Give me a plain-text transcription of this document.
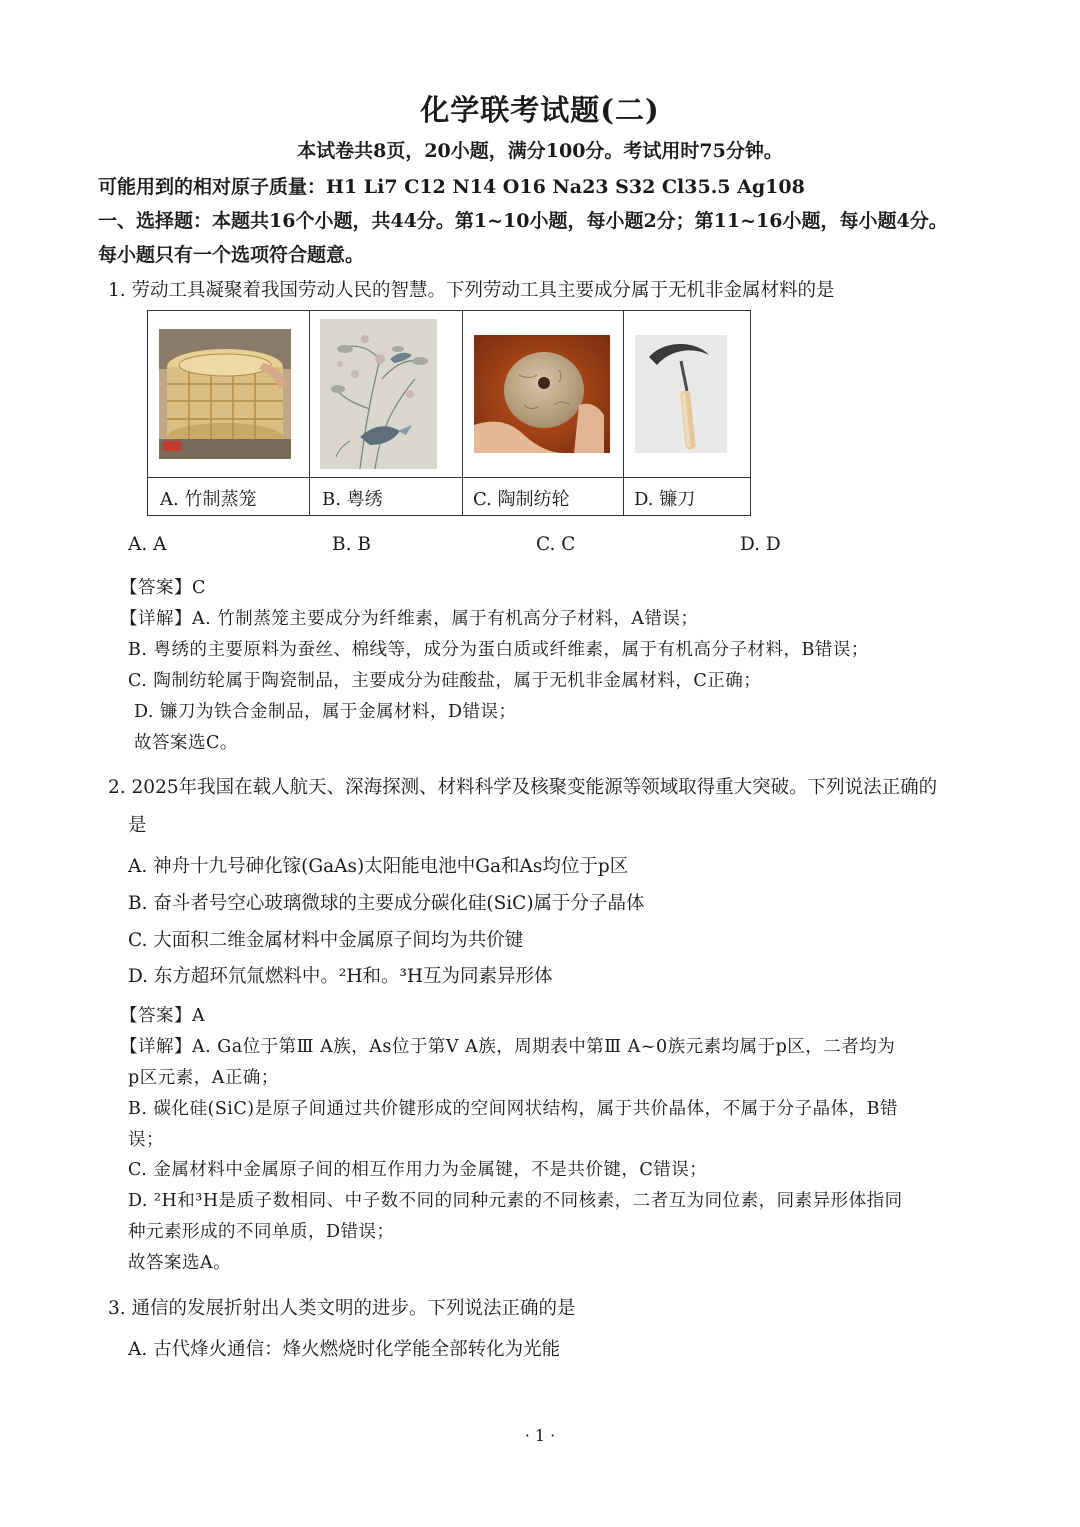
化学联考试题(二)
本试卷共8页，20小题，满分100分。考试用时75分钟。
可能用到的相对原子质量：H1 Li7 C12 N14 O16 Na23 S32 Cl35.5 Ag108
一、选择题：本题共16个小题，共44分。第1~10小题，每小题2分；第11~16小题，每小题4分。
每小题只有一个选项符合题意。
1. 劳动工具凝聚着我国劳动人民的智慧。下列劳动工具主要成分属于无机非金属材料的是
A. 竹制蒸笼	B. 粤绣	C. 陶制纺轮	D. 镰刀
A. A	B. B	C. C	D. D
【答案】C
【详解】A. 竹制蒸笼主要成分为纤维素，属于有机高分子材料，A错误；
B. 粤绣的主要原料为蚕丝、棉线等，成分为蛋白质或纤维素，属于有机高分子材料，B错误；
C. 陶制纺轮属于陶瓷制品，主要成分为硅酸盐，属于无机非金属材料，C正确；
D. 镰刀为铁合金制品，属于金属材料，D错误；
故答案选C。
2. 2025年我国在载人航天、深海探测、材料科学及核聚变能源等领域取得重大突破。下列说法正确的
是
A. 神舟十九号砷化镓(GaAs)太阳能电池中Ga和As均位于p区
B. 奋斗者号空心玻璃微球的主要成分碳化硅(SiC)属于分子晶体
C. 大面积二维金属材料中金属原子间均为共价键
D. 东方超环氘氚燃料中。²H和。³H互为同素异形体
【答案】A
【详解】A. Ga位于第Ⅲ A族，As位于第Ⅴ A族，周期表中第Ⅲ A~0族元素均属于p区，二者均为
p区元素，A正确；
B. 碳化硅(SiC)是原子间通过共价键形成的空间网状结构，属于共价晶体，不属于分子晶体，B错
误；
C. 金属材料中金属原子间的相互作用力为金属键，不是共价键，C错误；
D. ²H和³H是质子数相同、中子数不同的同种元素的不同核素，二者互为同位素，同素异形体指同
种元素形成的不同单质，D错误；
故答案选A。
3. 通信的发展折射出人类文明的进步。下列说法正确的是
A. 古代烽火通信：烽火燃烧时化学能全部转化为光能
· 1 ·
